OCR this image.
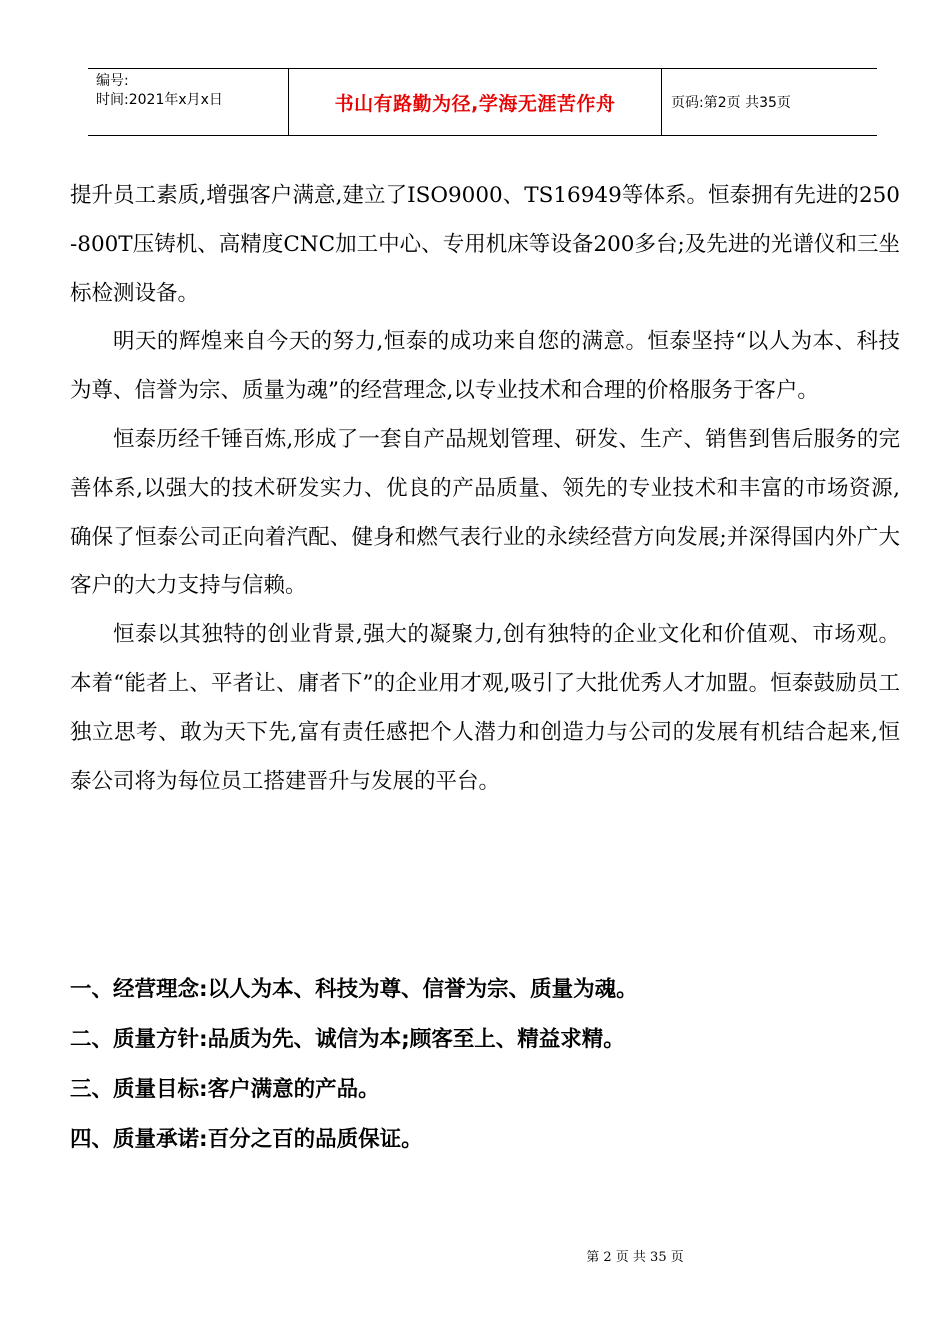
编号:
时间:2021年x月x日	书山有路勤为径,学海无涯苦作舟	页码:第2页 共35页

提升员工素质,增强客户满意,建立了ISO9000、TS16949等体系。恒泰拥有先进的250-800T压铸机、高精度CNC加工中心、专用机床等设备200多台;及先进的光谱仪和三坐标检测设备。

明天的辉煌来自今天的努力,恒泰的成功来自您的满意。恒泰坚持“以人为本、科技为尊、信誉为宗、质量为魂”的经营理念,以专业技术和合理的价格服务于客户。

恒泰历经千锤百炼,形成了一套自产品规划管理、研发、生产、销售到售后服务的完善体系,以强大的技术研发实力、优良的产品质量、领先的专业技术和丰富的市场资源,确保了恒泰公司正向着汽配、健身和燃气表行业的永续经营方向发展;并深得国内外广大客户的大力支持与信赖。

恒泰以其独特的创业背景,强大的凝聚力,创有独特的企业文化和价值观、市场观。 本着“能者上、平者让、庸者下”的企业用才观,吸引了大批优秀人才加盟。恒泰鼓励员工独立思考、敢为天下先,富有责任感把个人潜力和创造力与公司的发展有机结合起来,恒泰公司将为每位员工搭建晋升与发展的平台。

一、经营理念:以人为本、科技为尊、信誉为宗、质量为魂。

二、质量方针:品质为先、诚信为本;顾客至上、精益求精。

三、质量目标:客户满意的产品。

四、质量承诺:百分之百的品质保证。

第 2 页 共 35 页
